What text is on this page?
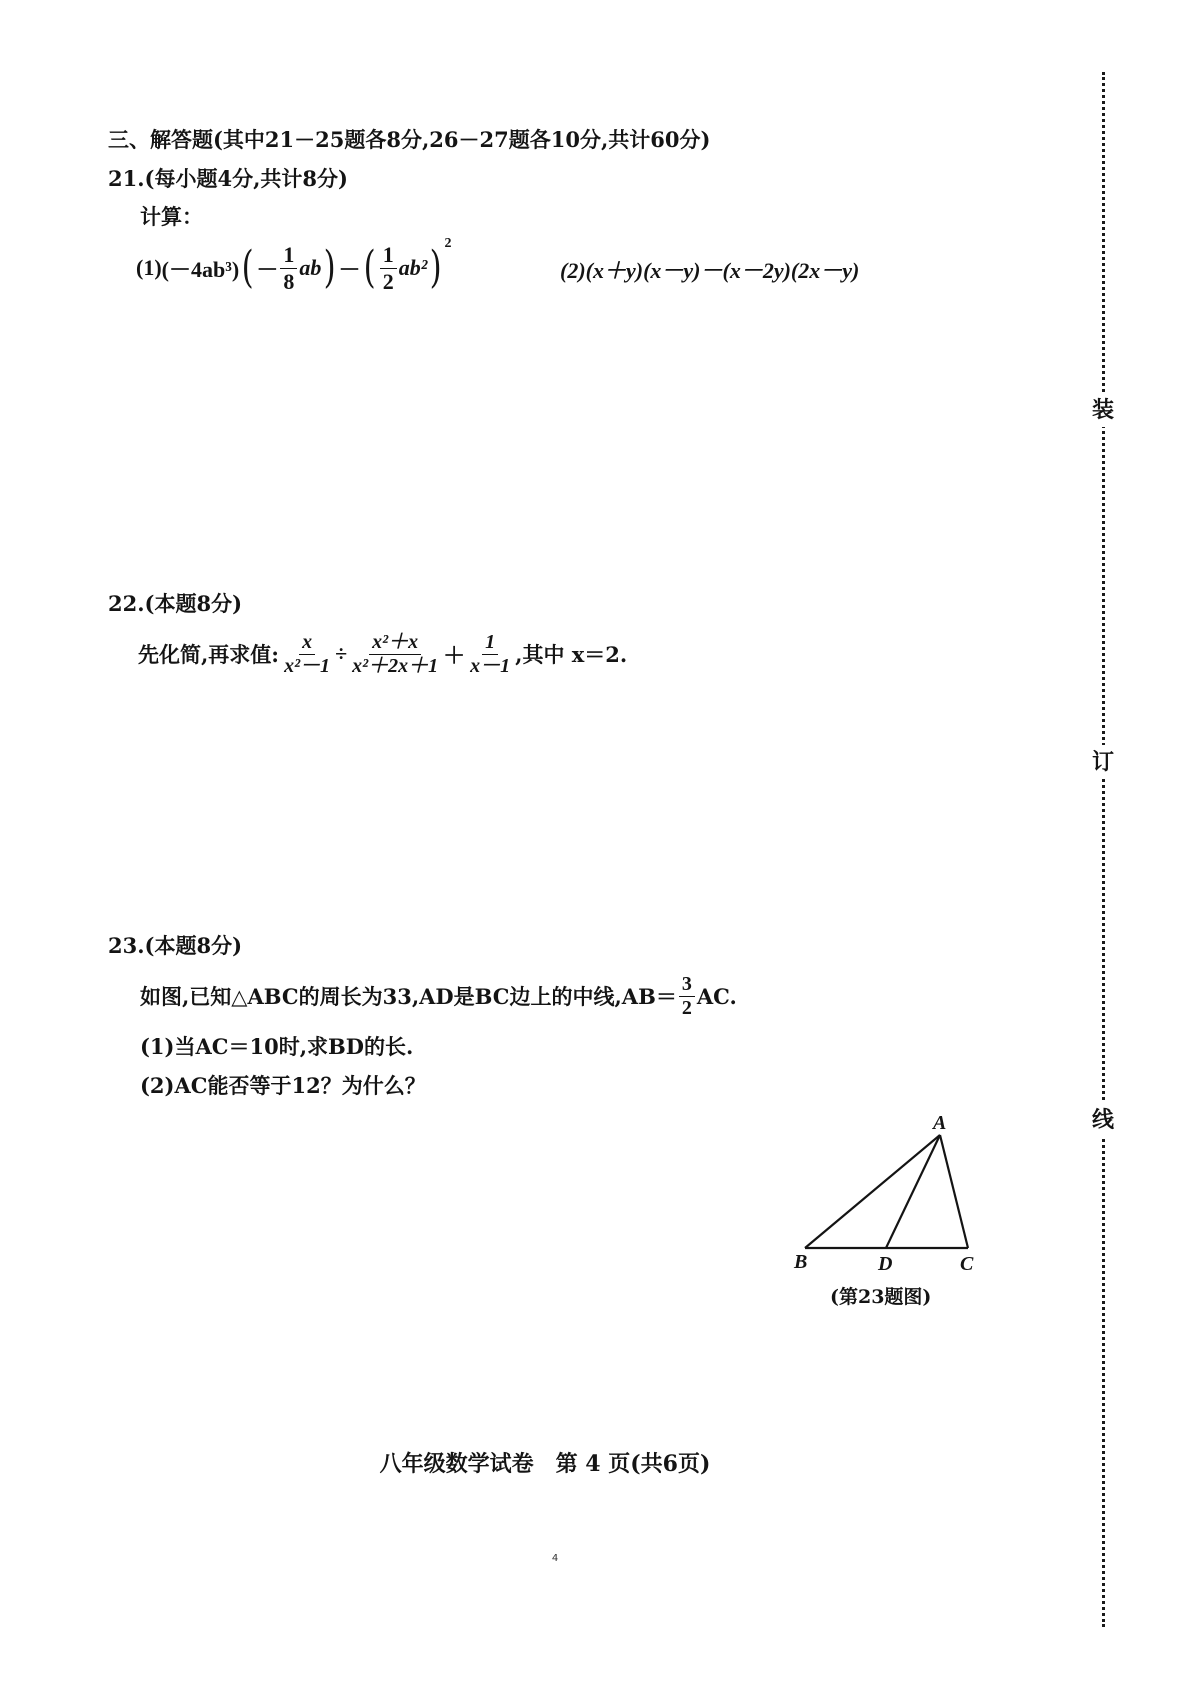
三、解答题(其中21－25题各8分,26－27题各10分,共计60分)
21.(每小题4分,共计8分)
计算：
(1) (－4ab³) ( － $\frac{1}{8}$ ab ) － ( $\frac{1}{2} ab^2$ ) 2
(2)(x＋y)(x－y)－(x－2y)(2x－y)
22.(本题8分)
先化简,再求值: $\frac{x}{\text{x²－1}} \div \frac{\text{x²＋x}}{\text{x²＋2x＋1}} + \frac{1}{x-1}$ ,其中 x＝2.
23.(本题8分)
如图,已知△ABC的周长为33,AD是BC边上的中线$,AB= \frac{3}{2}$ AC.
(1)当AC＝10时,求BD的长.
(2)AC能否等于12？为什么？
A
B	C
D
(第23题图)
装
订
线
八年级数学试卷　第 4 页(共6页)
4
